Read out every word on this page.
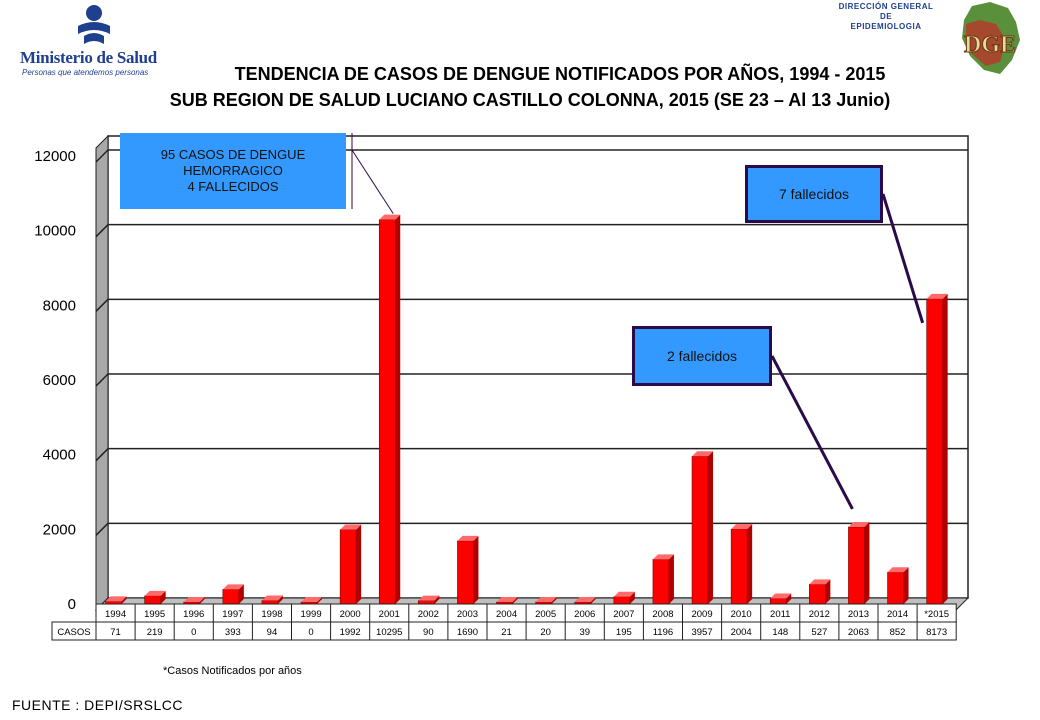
Ministerio de Salud
Personas que atendemos personas
DIRECCIÓN GENERAL DE
EPIDEMIOLOGIA
DGE
TENDENCIA DE CASOS DE DENGUE NOTIFICADOS POR AÑOS, 1994 - 2015
SUB REGION DE SALUD LUCIANO CASTILLO COLONNA, 2015 (SE 23 – Al 13 Junio)
0
2000
4000
6000
8000
10000
12000
CASOS
1994
71
1995
219
1996
0
1997
393
1998
94
1999
0
2000
1992
2001
10295
2002
90
2003
1690
2004
21
2005
20
2006
39
2007
195
2008
1196
2009
3957
2010
2004
2011
148
2012
527
2013
2063
2014
852
*2015
8173
95 CASOS DE DENGUE
HEMORRAGICO
4 FALLECIDOS	7 fallecidos
2 fallecidos
*Casos Notificados por años
FUENTE : DEPI/SRSLCC
